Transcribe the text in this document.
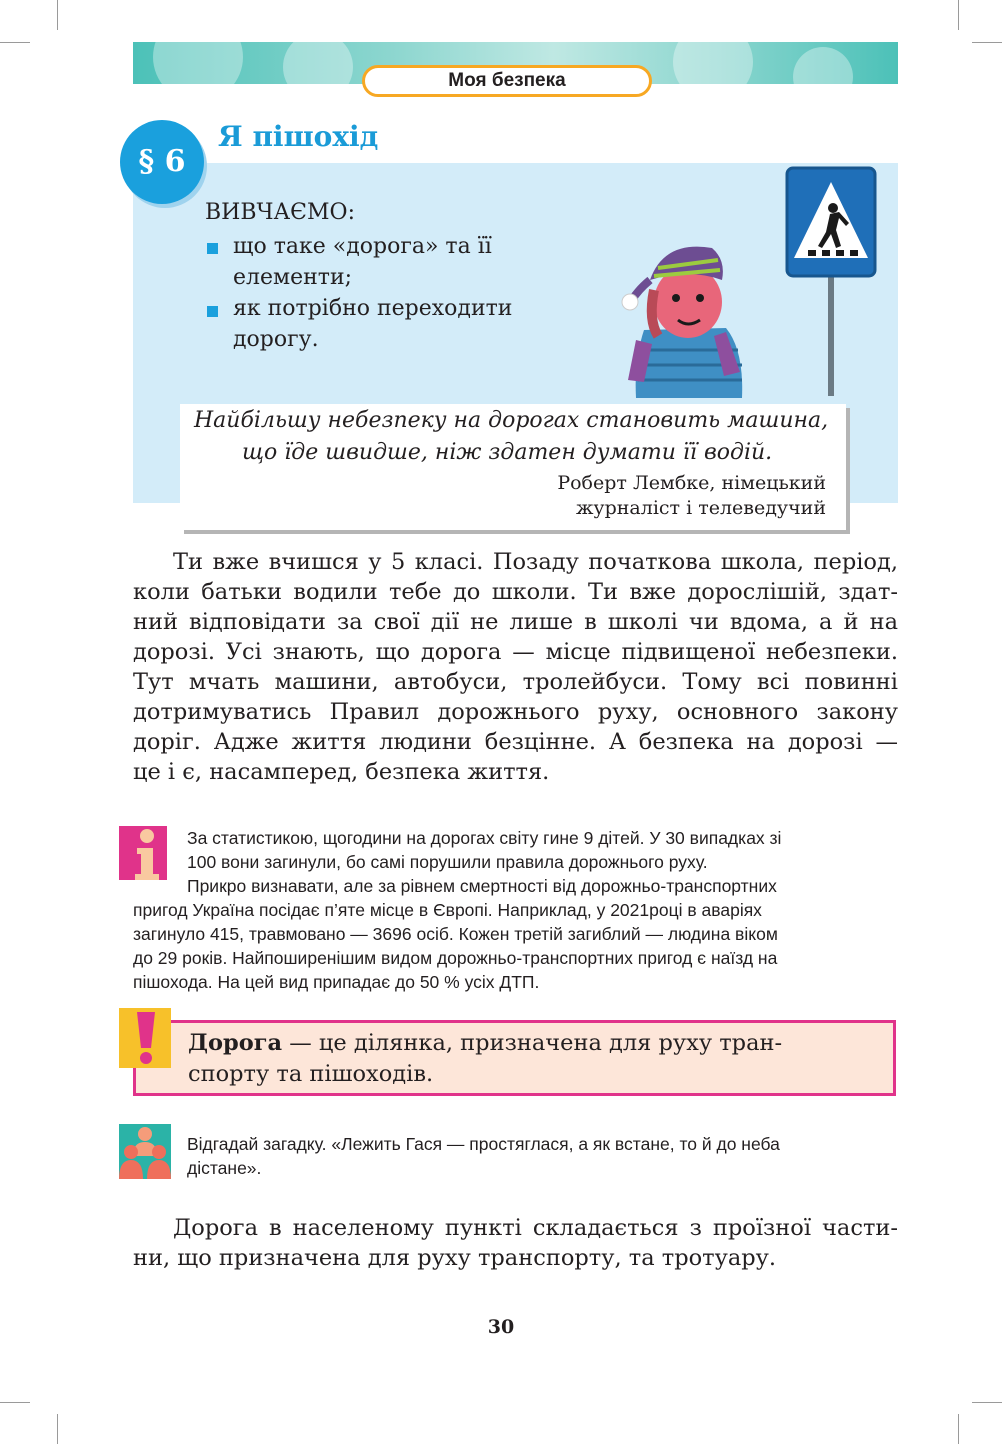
Моя безпека
§ 6
Я пішохід
ВИВЧАЄМО:
що таке «дорога» та її
елементи;
як потрібно переходити
дорогу.
Найбільшу небезпеку на дорогах становить машина,
що їде швидше, ніж здатен думати її водій.
Роберт Лембке, німецький
журналіст і телеведучий
Ти вже вчишся у 5 класі. Позаду початкова школа, період,
коли батьки водили тебе до школи. Ти вже дорослішій, здат-
ний відповідати за свої дії не лише в школі чи вдома, а й на
дорозі. Усі знають, що дорога — місце підвищеної небезпеки.
Тут мчать машини, автобуси, тролейбуси. Тому всі повинні
дотримуватись Правил дорожнього руху, основного закону
доріг. Адже життя людини безцінне. А безпека на дорозі —
це і є, насамперед, безпека життя.
За статистикою, щогодини на дорогах світу гине 9 дітей. У 30 випадках зі
100 вони загинули, бо самі порушили правила дорожнього руху.
Прикро визнавати, але за рівнем смертності від дорожньо-транспортних
пригод Україна посідає п’яте місце в Європі. Наприклад, у 2021році в аваріях
загинуло 415, травмовано — 3696 осіб. Кожен третій загиблий — людина віком
до 29 років. Найпоширенішим видом дорожньо-транспортних пригод є наїзд на
пішохода. На цей вид припадає до 50 % усіх ДТП.
Дорога — це ділянка, призначена для руху тран-
спорту та пішоходів.
Відгадай загадку. «Лежить Гася — простяглася, а як встане, то й до неба
дістане».
Дорога в населеному пункті складається з проїзної части-
ни, що призначена для руху транспорту, та тротуару.
30
